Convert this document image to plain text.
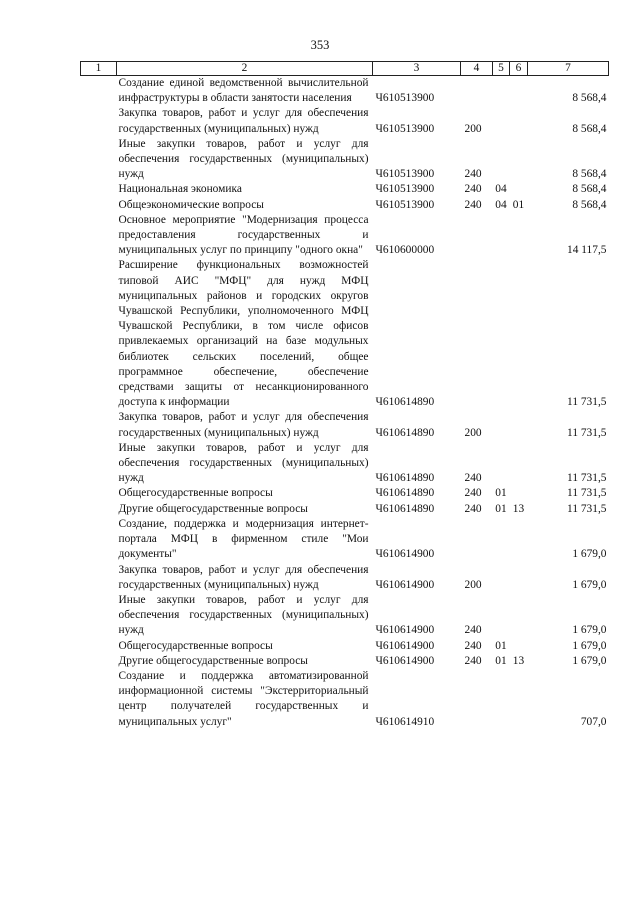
353
1	2	3	4	5	6	7
	Создание единой ведомственной вычислительной инфраструктуры в области занятости населения	Ч610513900				8 568,4
	Закупка товаров, работ и услуг для обеспечения государственных (муниципальных) нужд	Ч610513900	200			8 568,4
	Иные закупки товаров, работ и услуг для обеспечения государственных (муниципальных) нужд	Ч610513900	240			8 568,4
	Национальная экономика	Ч610513900	240	04		8 568,4
	Общеэкономические вопросы	Ч610513900	240	04	01	8 568,4
	Основное мероприятие "Модернизация процесса предоставления государственных и муниципальных услуг по принципу "одного окна"	Ч610600000				14 117,5
	Расширение функциональных возможностей типовой АИС "МФЦ" для нужд МФЦ муниципальных районов и городских округов Чувашской Республики, уполномоченного МФЦ Чувашской Республики, в том числе офисов привлекаемых организаций на базе модульных библиотек сельских поселений, общее программное обеспечение, обеспечение средствами защиты от несанкционированного доступа к информации	Ч610614890				11 731,5
	Закупка товаров, работ и услуг для обеспечения государственных (муниципальных) нужд	Ч610614890	200			11 731,5
	Иные закупки товаров, работ и услуг для обеспечения государственных (муниципальных) нужд	Ч610614890	240			11 731,5
	Общегосударственные вопросы	Ч610614890	240	01		11 731,5
	Другие общегосударственные вопросы	Ч610614890	240	01	13	11 731,5
	Создание, поддержка и модернизация интернет-портала МФЦ в фирменном стиле "Мои документы"	Ч610614900				1 679,0
	Закупка товаров, работ и услуг для обеспечения государственных (муниципальных) нужд	Ч610614900	200			1 679,0
	Иные закупки товаров, работ и услуг для обеспечения государственных (муниципальных) нужд	Ч610614900	240			1 679,0
	Общегосударственные вопросы	Ч610614900	240	01		1 679,0
	Другие общегосударственные вопросы	Ч610614900	240	01	13	1 679,0
	Создание и поддержка автоматизированной информационной системы "Экстерриториальный центр получателей государственных и муниципальных услуг"	Ч610614910				707,0
